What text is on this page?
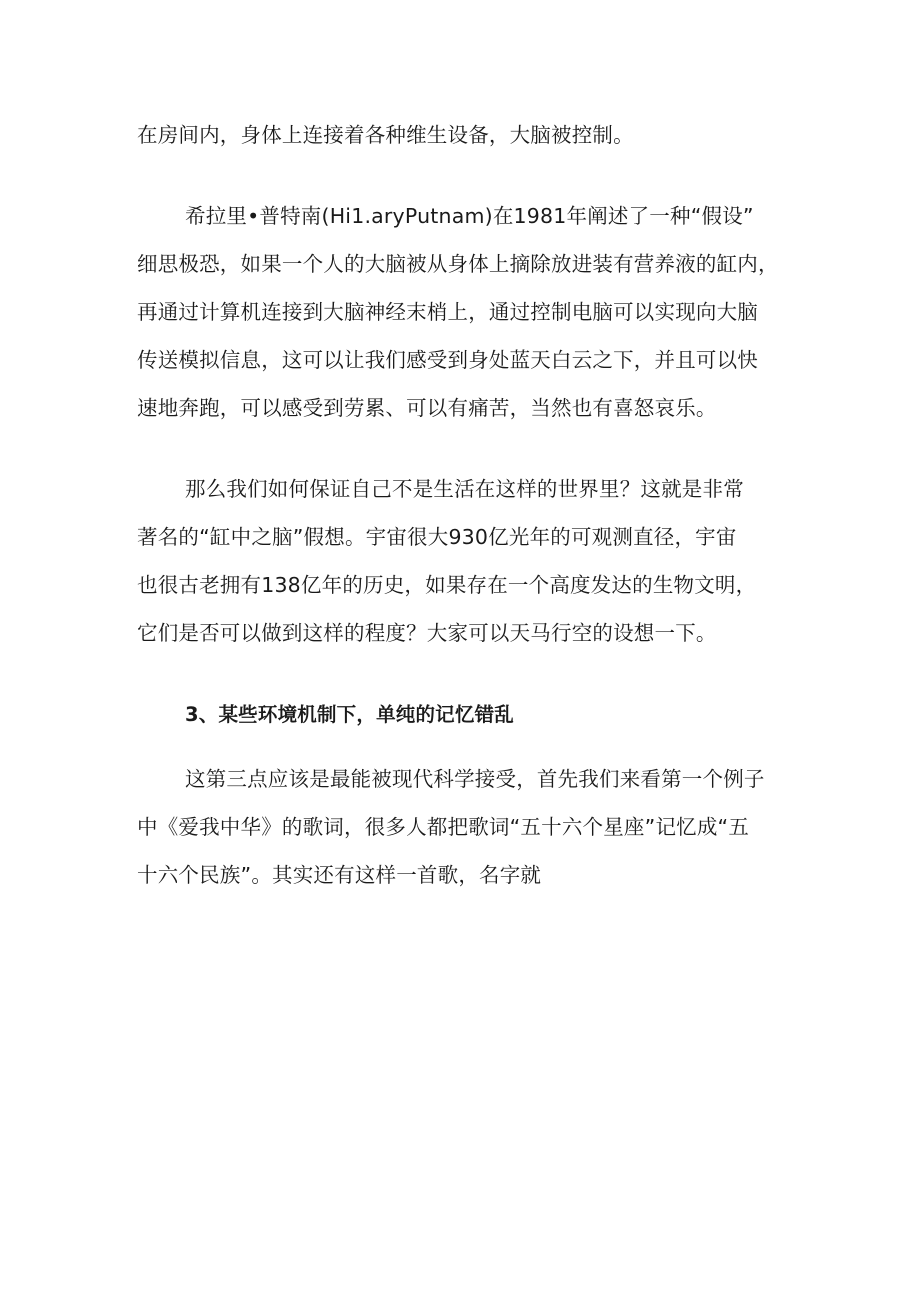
在房间内，身体上连接着各种维生设备，大脑被控制。
希拉里•普特南(Hi1.aryPutnam)在1981年阐述了一种“假设”
细思极恐，如果一个人的大脑被从身体上摘除放进装有营养液的缸内，
再通过计算机连接到大脑神经末梢上，通过控制电脑可以实现向大脑
传送模拟信息，这可以让我们感受到身处蓝天白云之下，并且可以快
速地奔跑，可以感受到劳累、可以有痛苦，当然也有喜怒哀乐。
那么我们如何保证自己不是生活在这样的世界里？这就是非常
著名的“缸中之脑”假想。宇宙很大930亿光年的可观测直径，宇宙
也很古老拥有138亿年的历史，如果存在一个高度发达的生物文明，
它们是否可以做到这样的程度？大家可以天马行空的设想一下。
3、某些环境机制下，单纯的记忆错乱
这第三点应该是最能被现代科学接受，首先我们来看第一个例子
中《爱我中华》的歌词，很多人都把歌词“五十六个星座”记忆成“五
十六个民族”。其实还有这样一首歌，名字就
